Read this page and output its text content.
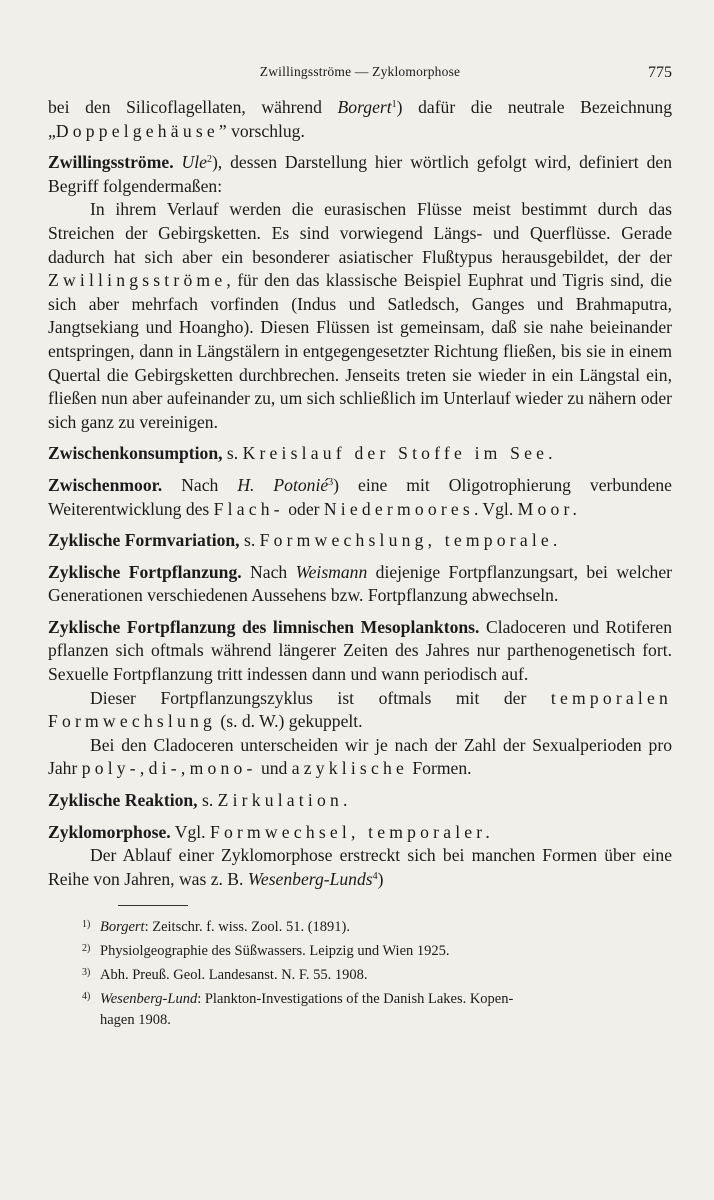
Zwillingsströme — Zyklomorphose	775

bei den Silicoflagellaten, während Borgert$^1$) dafür die neutrale Bezeichnung „Doppelgehäuse” vorschlug.

Zwillingsströme. Ule$^2$), dessen Darstellung hier wörtlich gefolgt wird, definiert den Begriff folgendermaßen:

In ihrem Verlauf werden die eurasischen Flüsse meist bestimmt durch das Streichen der Gebirgsketten. Es sind vorwiegend Längs- und Querflüsse. Gerade dadurch hat sich aber ein besonderer asiatischer Flußtypus herausgebildet, der der Zwillingsströme, für den das klassische Beispiel Euphrat und Tigris sind, die sich aber mehrfach vorfinden (Indus und Satledsch, Ganges und Brahmaputra, Jangtsekiang und Hoangho). Diesen Flüssen ist gemeinsam, daß sie nahe beieinander entspringen, dann in Längstälern in entgegengesetzter Richtung fließen, bis sie in einem Quertal die Gebirgsketten durchbrechen. Jenseits treten sie wieder in ein Längstal ein, fließen nun aber aufeinander zu, um sich schließlich im Unterlauf wieder zu nähern oder sich ganz zu vereinigen.

Zwischenkonsumption, s. Kreislauf der Stoffe im See.

Zwischenmoor. Nach H. Potonié$^3$) eine mit Oligotrophierung verbundene Weiterentwicklung des Flach- oder Niedermoores. Vgl. Moor.

Zyklische Formvariation, s. Formwechslung, temporale.

Zyklische Fortpflanzung. Nach Weismann diejenige Fortpflanzungsart, bei welcher Generationen verschiedenen Aussehens bzw. Fortpflanzung abwechseln.

Zyklische Fortpflanzung des limnischen Mesoplanktons. Cladoceren und Rotiferen pflanzen sich oftmals während längerer Zeiten des Jahres nur parthenogenetisch fort. Sexuelle Fortpflanzung tritt indessen dann und wann periodisch auf.

Dieser Fortpflanzungszyklus ist oftmals mit der temporalen Formwechslung (s. d. W.) gekuppelt.

Bei den Cladoceren unterscheiden wir je nach der Zahl der Sexualperioden pro Jahr poly-, di-, mono- und azyklische Formen.

Zyklische Reaktion, s. Zirkulation.

Zyklomorphose. Vgl. Formwechsel, temporaler.

Der Ablauf einer Zyklomorphose erstreckt sich bei manchen Formen über eine Reihe von Jahren, was z. B. Wesenberg-Lunds$^4$)

1) Borgert: Zeitschr. f. wiss. Zool. 51. (1891).

2) Physiolgeographie des Süßwassers. Leipzig und Wien 1925.

3) Abh. Preuß. Geol. Landesanst. N. F. 55. 1908.

4) Wesenberg-Lund: Plankton-Investigations of the Danish Lakes. Kopen-

hagen 1908.
